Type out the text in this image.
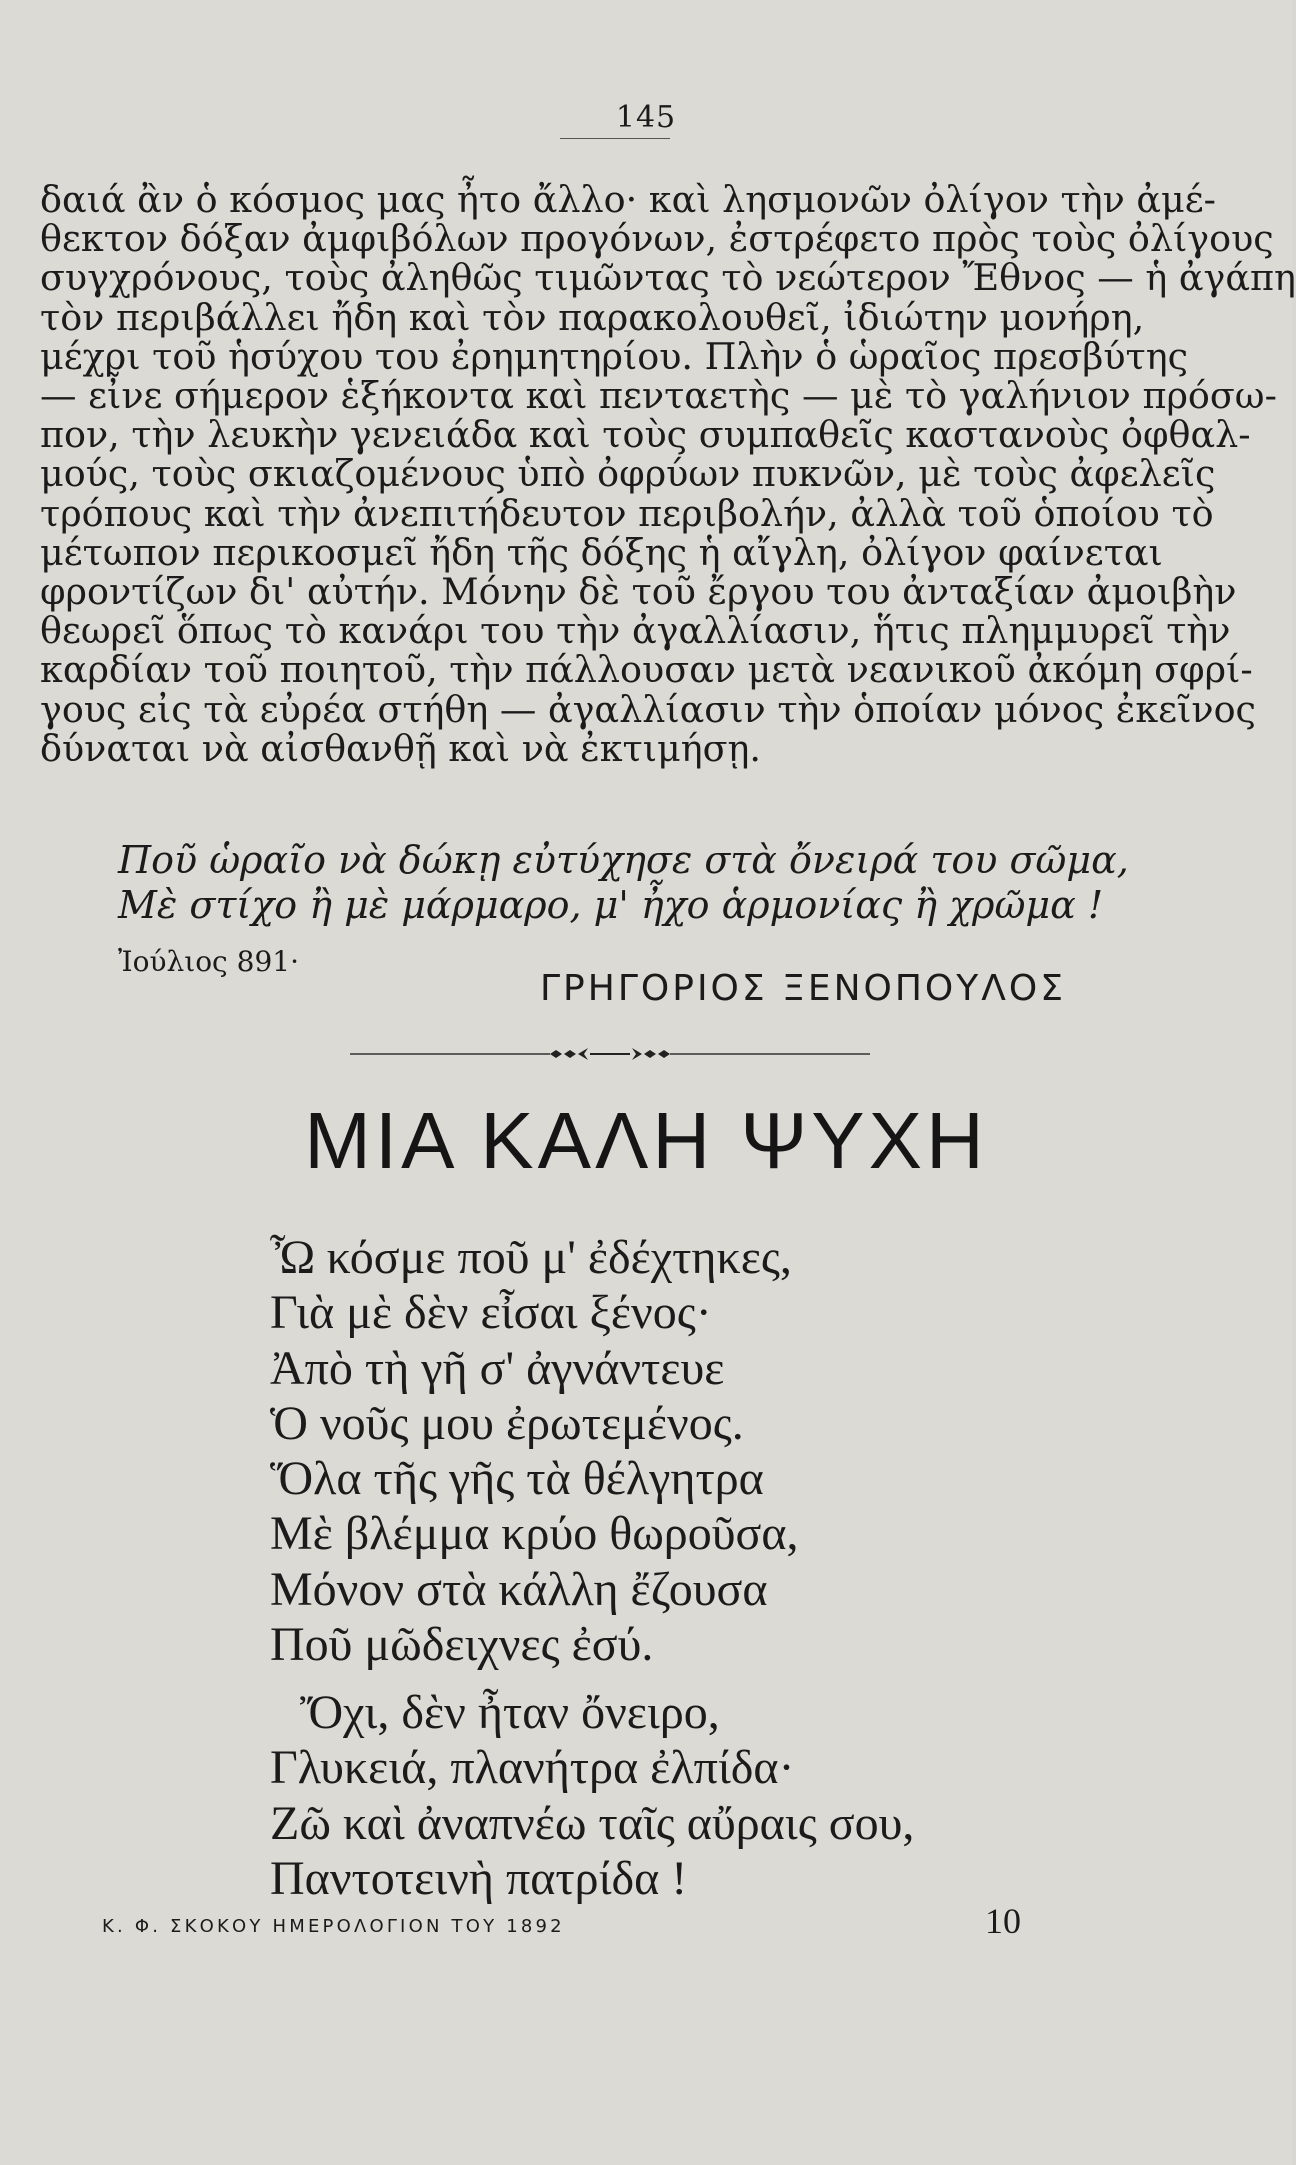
145
δαιά ἂν ὁ κόσμος μας ἦτο ἄλλο· καὶ λησμονῶν ὀλίγον τὴν ἀμέ-
θεκτον δόξαν ἀμφιβόλων προγόνων, ἐστρέφετο πρὸς τοὺς ὀλίγους
συγχρόνους, τοὺς ἀληθῶς τιμῶντας τὸ νεώτερον Ἔθνος — ἡ ἀγάπη
τὸν περιβάλλει ἤδη καὶ τὸν παρακολουθεῖ, ἰδιώτην μονήρη,
μέχρι τοῦ ἡσύχου του ἐρημητηρίου. Πλὴν ὁ ὡραῖος πρεσβύτης
— εἶνε σήμερον ἑξήκοντα καὶ πενταετὴς — μὲ τὸ γαλήνιον πρόσω-
πον, τὴν λευκὴν γενειάδα καὶ τοὺς συμπαθεῖς καστανοὺς ὀφθαλ-
μούς, τοὺς σκιαζομένους ὑπὸ ὀφρύων πυκνῶν, μὲ τοὺς ἀφελεῖς
τρόπους καὶ τὴν ἀνεπιτήδευτον περιβολήν, ἀλλὰ τοῦ ὁποίου τὸ
μέτωπον περικοσμεῖ ἤδη τῆς δόξης ἡ αἴγλη, ὀλίγον φαίνεται
φροντίζων δι' αὐτήν. Μόνην δὲ τοῦ ἔργου του ἀνταξίαν ἀμοιβὴν
θεωρεῖ ὅπως τὸ κανάρι του τὴν ἀγαλλίασιν, ἥτις πλημμυρεῖ τὴν
καρδίαν τοῦ ποιητοῦ, τὴν πάλλουσαν μετὰ νεανικοῦ ἀκόμη σφρί-
γους εἰς τὰ εὐρέα στήθη — ἀγαλλίασιν τὴν ὁποίαν μόνος ἐκεῖνος
δύναται νὰ αἰσθανθῇ καὶ νὰ ἐκτιμήσῃ.
Ποῦ ὡραῖο νὰ δώκῃ εὐτύχησε στὰ ὄνειρά του σῶμα,
Μὲ στίχο ἢ μὲ μάρμαρο, μ' ἦχο ἁρμονίας ἢ χρῶμα !
Ἰούλιος 891·
ΓΡΗΓΟΡΙΟΣ ΞΕΝΟΠΟΥΛΟΣ
ΜΙΑ ΚΑΛΗ ΨΥΧΗ
Ὦ κόσμε ποῦ μ' ἐδέχτηκες,
Γιὰ μὲ δὲν εἶσαι ξένος·
Ἀπὸ τὴ γῆ σ' ἀγνάντευε
Ὁ νοῦς μου ἐρωτεμένος.
Ὅλα τῆς γῆς τὰ θέλγητρα
Μὲ βλέμμα κρύο θωροῦσα,
Μόνον στὰ κάλλη ἔζουσα
Ποῦ μῶδειχνες ἐσύ.
Ὄχι, δὲν ἦταν ὄνειρο,
Γλυκειά, πλανήτρα ἐλπίδα·
Ζῶ καὶ ἀναπνέω ταῖς αὔραις σου,
Παντοτεινὴ πατρίδα !
Κ. Φ. ΣΚΟΚΟΥ ΗΜΕΡΟΛΟΓΙΟΝ ΤΟΥ 1892	10
